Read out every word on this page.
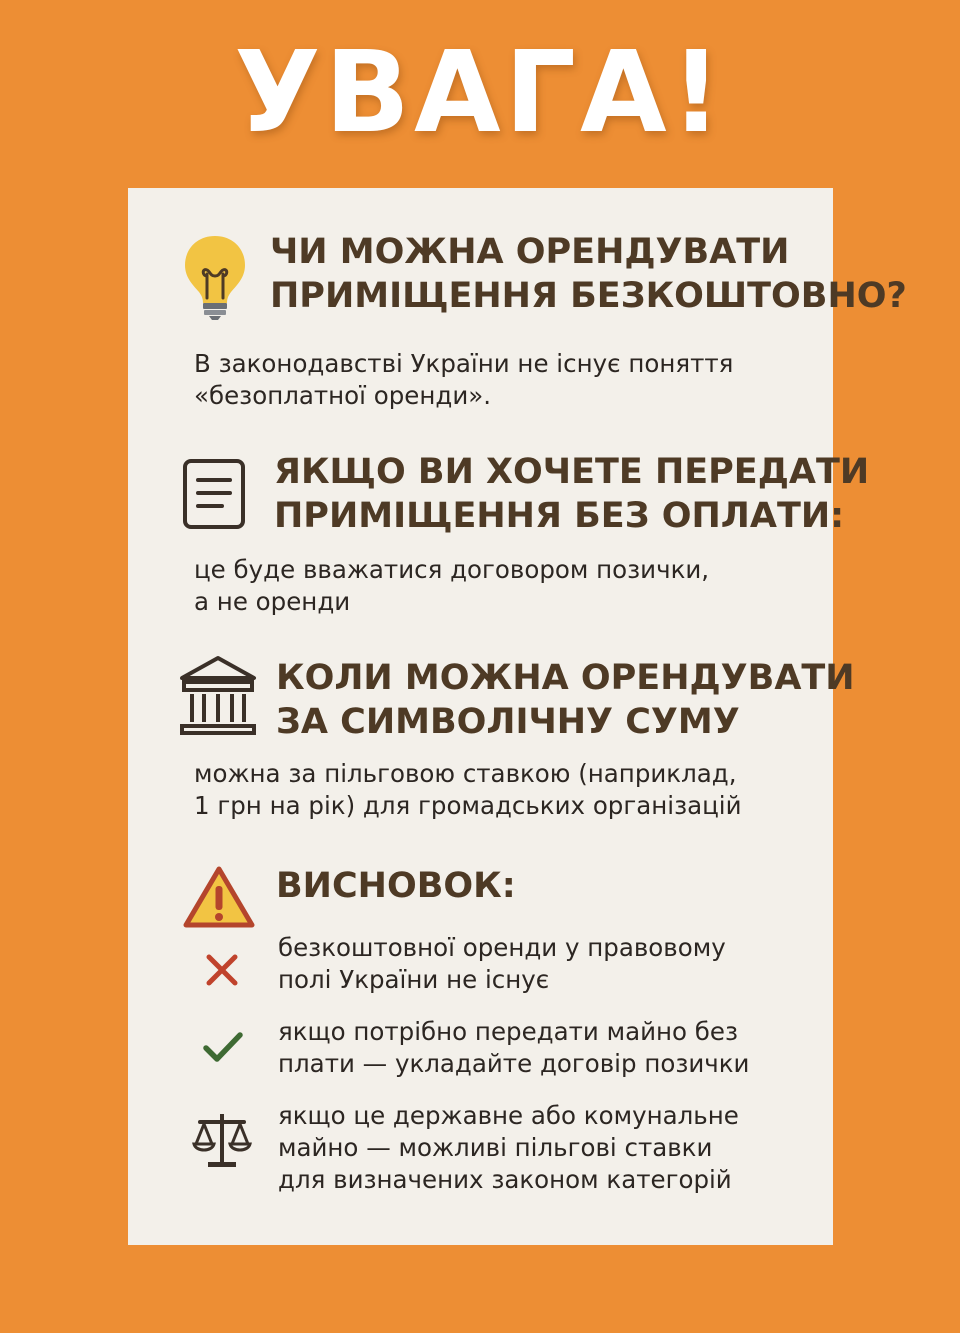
УВАГА!
ЧИ МОЖНА ОРЕНДУВАТИ
ПРИМІЩЕННЯ БЕЗКОШТОВНО?

В законодавстві України не існує поняття
«безоплатної оренди».

ЯКЩО ВИ ХОЧЕТЕ ПЕРЕДАТИ
ПРИМІЩЕННЯ БЕЗ ОПЛАТИ:

це буде вважатися договором позички,
а не оренди

КОЛИ МОЖНА ОРЕНДУВАТИ
ЗА СИМВОЛІЧНУ СУМУ

можна за пільговою ставкою (наприклад,
1 грн на рік) для громадських організацій

ВИСНОВОК:

безкоштовної оренди у правовому
полі України не існує

якщо потрібно передати майно без
плати — укладайте договір позички

якщо це державне або комунальне
майно — можливі пільгові ставки
для визначених законом категорій
